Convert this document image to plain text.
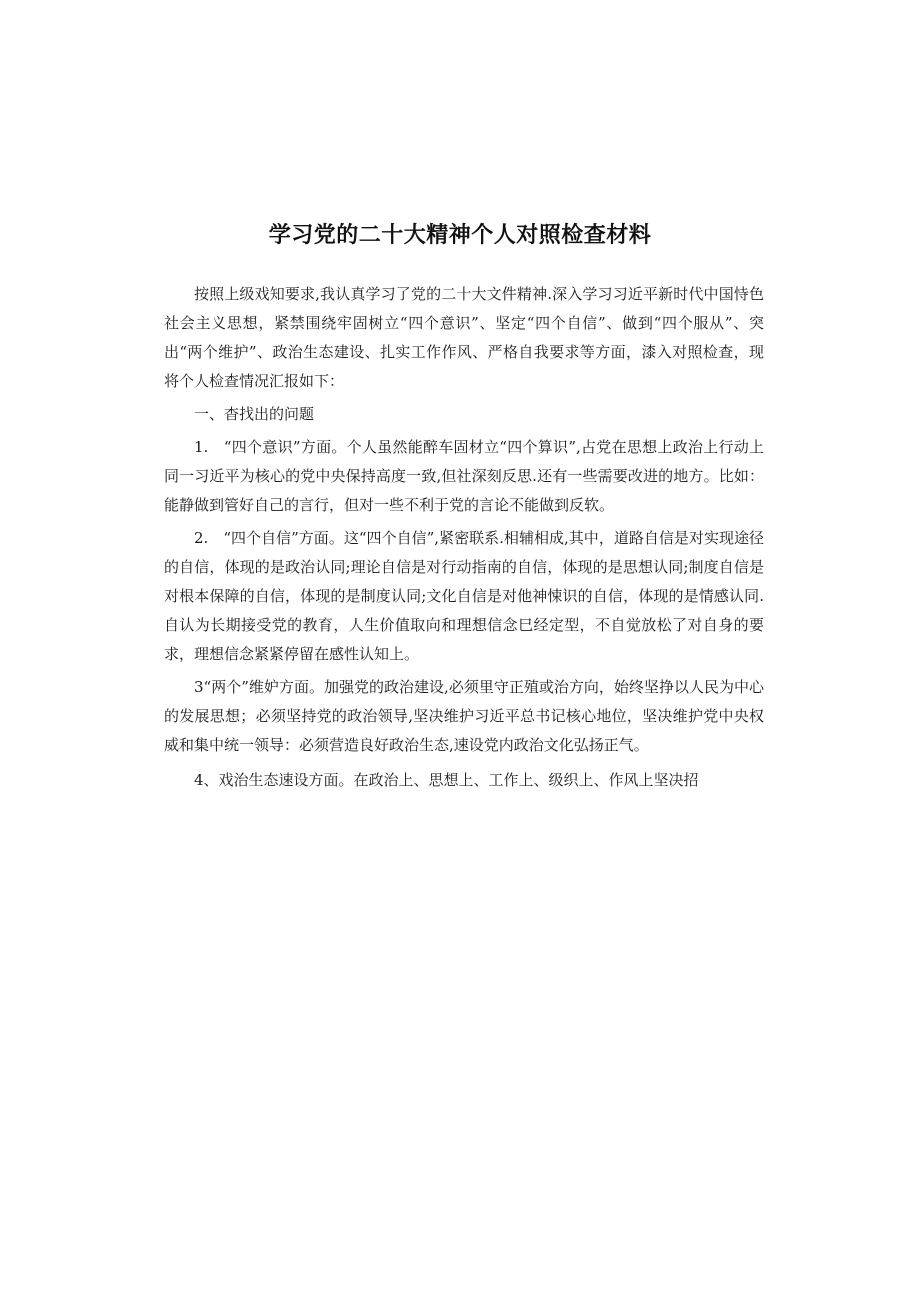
学习党的二十大精神个人对照检查材料

按照上级戏知要求,我认真学习了党的二十大文件精神.深入学习习近平新时代中国恃色社会主义思想，紧禁围绕牢固树立“四个意识”、坚定“四个自信”、做到“四个服从”、突出“两个维护”、政治生态建设、扎实工作作风、严格自我要求等方面，漆入对照检查，现将个人检查情况汇报如下：

一、杳找出的问题

1.　“四个意识”方面。个人虽然能醉车固材立“四个算识”,占党在思想上政治上行动上同一习近平为核心的党中央保持高度一致,但社深刻反思.还有一些需要改进的地方。比如：能静做到管好自己的言行，但对一些不利于党的言论不能做到反软。

2.　“四个自信”方面。这“四个自信”,紧密联系.相辅相成,其中，道路自信是对实现途径的自信，体现的是政治认同;理论自信是对行动指南的自信，体现的是思想认同;制度自信是对根本保障的自信，体现的是制度认同;文化自信是对他神悚识的自信，体现的是情感认同.自认为长期接受党的教育，人生价值取向和理想信念巳经定型，不自觉放松了对自身的要求，理想信念紧紧停留在感性认知上。

3“两个”维妒方面。加强党的政治建设,必须里守正殖或治方向，始终坚挣以人民为中心的发展思想；必须坚持党的政治领导,坚决维护习近平总书记核心地位，坚决维护党中央权威和集中统一领导：必须营造良好政治生态,速设党内政治文化弘扬正气。

4、戏治生态速设方面。在政治上、思想上、工作上、级织上、作风上坚决招
